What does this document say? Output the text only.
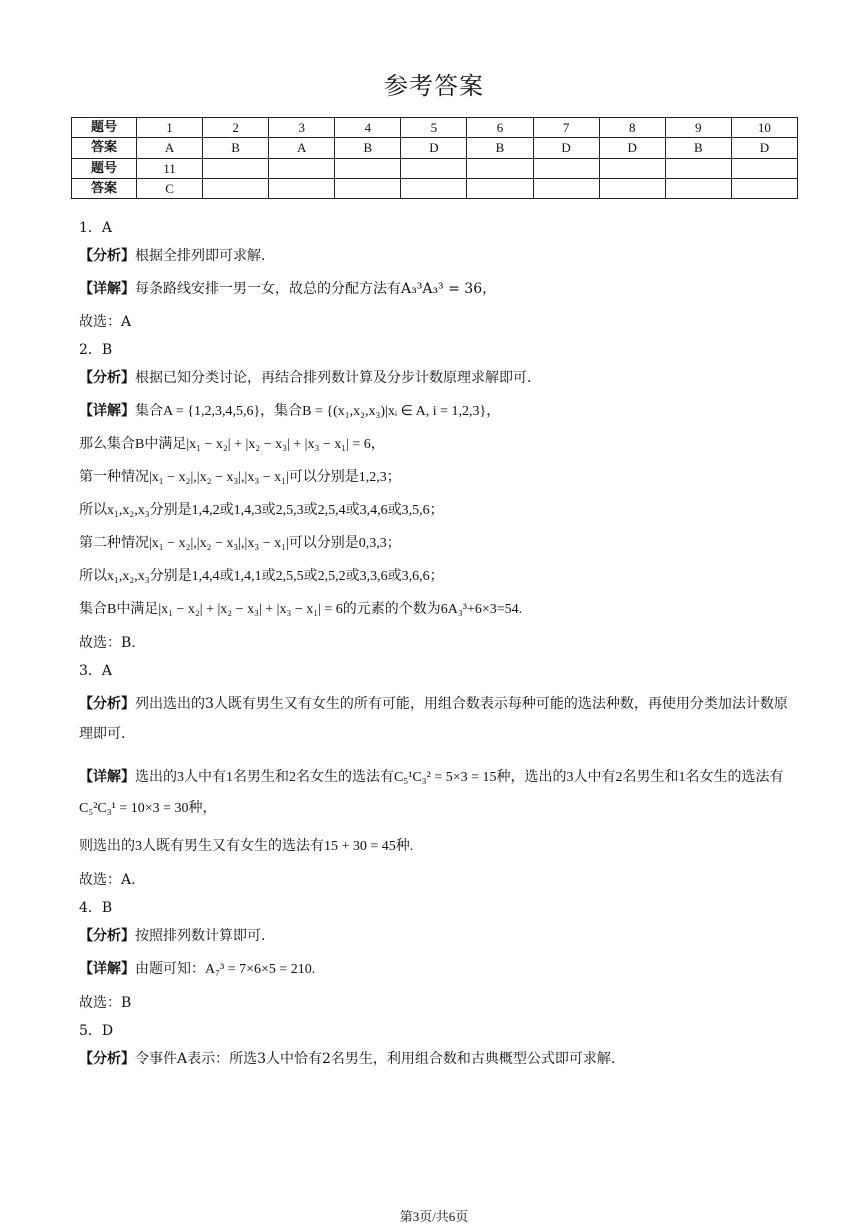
参考答案
题号	1	2	3	4	5	6	7	8	9	10
答案	A	B	A	B	D	B	D	D	B	D
题号	11									
答案	C									
1．A
【分析】根据全排列即可求解.
【详解】每条路线安排一男一女，故总的分配方法有A₃³A₃³ = 36，
故选：A
2．B
【分析】根据已知分类讨论，再结合排列数计算及分步计数原理求解即可.
【详解】集合A = {1,2,3,4,5,6}，集合B = {(x₁,x₂,x₃)|xᵢ ∈ A, i = 1,2,3}，
那么集合B中满足|x₁ − x₂| + |x₂ − x₃| + |x₃ − x₁| = 6，
第一种情况|x₁ − x₂|,|x₂ − x₃|,|x₃ − x₁|可以分别是1,2,3；
所以x₁,x₂,x₃分别是1,4,2或1,4,3或2,5,3或2,5,4或3,4,6或3,5,6；
第二种情况|x₁ − x₂|,|x₂ − x₃|,|x₃ − x₁|可以分别是0,3,3；
所以x₁,x₂,x₃分别是1,4,4或1,4,1或2,5,5或2,5,2或3,3,6或3,6,6；
集合B中满足|x₁ − x₂| + |x₂ − x₃| + |x₃ − x₁| = 6的元素的个数为6A₃³+6×3=54.
故选：B.
3．A
【分析】列出选出的3人既有男生又有女生的所有可能，用组合数表示每种可能的选法种数，再使用分类加法计数原理即可.
【详解】选出的3人中有1名男生和2名女生的选法有C₅¹C₃² = 5×3 = 15种，选出的3人中有2名男生和1名女生的选法有C₅²C₃¹ = 10×3 = 30种，
则选出的3人既有男生又有女生的选法有15 + 30 = 45种.
故选：A.
4．B
【分析】按照排列数计算即可.
【详解】由题可知：A₇³ = 7×6×5 = 210.
故选：B
5．D
【分析】令事件A表示：所选3人中恰有2名男生，利用组合数和古典概型公式即可求解.
第3页/共6页
